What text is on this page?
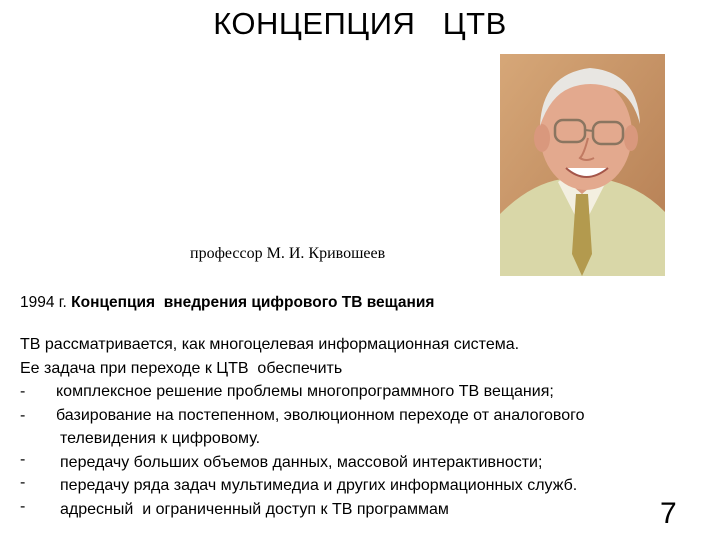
КОНЦЕПЦИЯ   ЦТВ
профессор М. И. Кривошеев
1994 г. Концепция  внедрения цифрового ТВ вещания
ТВ рассматривается, как многоцелевая информационная система.
Ее задача при переходе к ЦТВ  обеспечить
- комплексное решение проблемы многопрограммного ТВ вещания;
- базирование на постепенном, эволюционном переходе от аналогового
телевидения к цифровому.
- передачу больших объемов данных, массовой интерактивности;
- передачу ряда задач мультимедиа и других информационных служб.
- адресный  и ограниченный доступ к ТВ программам	7
